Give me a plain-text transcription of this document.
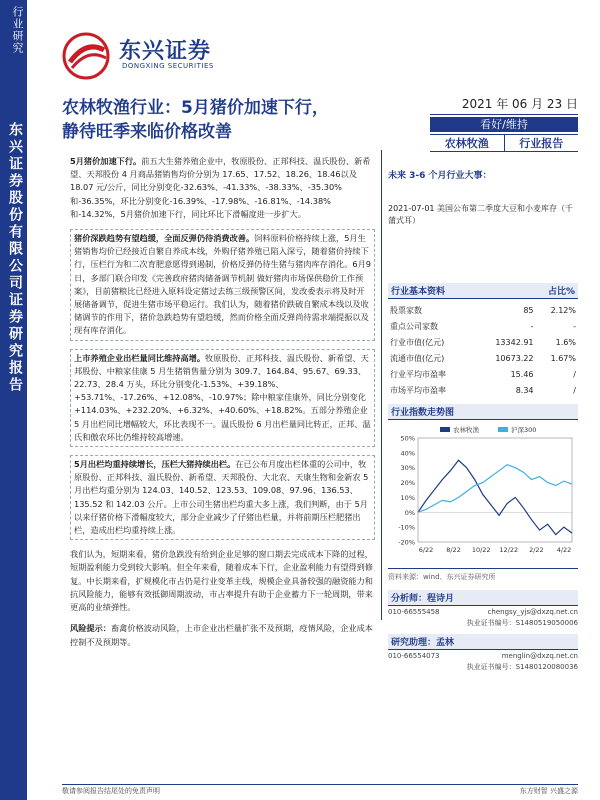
行业研究
东兴证券股份有限公司证券研究报告
东兴证券
DONGXING SECURITIES
农林牧渔行业：5月猪价加速下行，
静待旺季来临价格改善
2021 年 06 月 23 日
看好/维持
农林牧渔	行业报告

5月猪价加速下行。前五大生猪养殖企业中，牧原股份、正邦科技、温氏股份、新希望、天邦股份 4 月商品猪销售均价分别为 17.65、17.52、18.26、18.46以及 18.07 元/公斤，同比分别变化-32.63%、-41.33%、-38.33%、-35.30%和-36.35%，环比分别变化-16.39%、-17.98%、-16.81%、-14.38%和-14.32%，5月猪价加速下行，同比环比下滑幅度进一步扩大。

猪价深跌趋势有望趋缓，全面反弹仍待消费改善。饲料原料价格持续上涨，5月生猪销售均价已经接近自繁自养成本线，外购仔猪养殖已陷入深亏，随着猪价持续下行，压栏行为和二次育肥意愿得到遏制，价格反弹仍待生猪与猪肉库存消化。6月9日，多部门联合印发《完善政府猪肉储备调节机制 做好猪肉市场保供稳价工作预案》，目前猪粮比已经进入原料设定猪过去练三级预警区间，发改委表示将及时开展储备调节，促进生猪市场平稳运行。我们认为，随着猪价跌破自繁成本线以及收储调节的作用下，猪价急跌趋势有望趋缓，然而价格全面反弹尚待需求端提振以及现有库存消化。

上市养殖企业出栏量同比维持高增。牧原股份、正邦科技、温氏股份、新希望、天邦股份、中粮家佳康 5 月生猪销售量分别为 309.7、164.84、95.67、69.33、22.73、28.4 万头，环比分别变化-1.53%、+39.18%、+53.71%、-17.26%、+12.08%、-10.97%；除中粮家佳康外，同比分别变化+114.03%、+232.20%、+6.32%、+40.60%、+18.82%。五部分养殖企业 5 月出栏同比增幅较大，环比表现不一。温氏股份 6 月出栏量同比转正，正邦、温氏和傲农环比仍维持较高增速。

5月出栏均重持续增长，压栏大猪持续出栏。在已公布月度出栏体重的公司中，牧原股份、正邦科技、温氏股份、新希望、天邦股份、大北农、天康生物和金新农 5 月出栏均重分别为 124.03、140.52、123.53、109.08、97.96、136.53、135.52 和 142.03 公斤。上市公司生猪出栏均重大多上涨，我们判断，由于 5月以来仔猪价格下滑幅度较大，部分企业减少了仔猪出栏量，并将前期压栏肥猪出栏，造成出栏均重持续上涨。

我们认为，短期来看，猪价急跌没有给到企业足够的窗口期去完成成本下降的过程，短期盈利能力受到较大影响。但全年来看，随着成本下行，企业盈利能力有望得到修复。中长期来看，扩规模化市占仍是行业变革主线，规模企业具备较强的融资能力和抗风险能力，能够有效抵御周期波动，市占率提升有助于企业蓄力下一轮周期，带来更高的业绩弹性。

风险提示：畜禽价格波动风险，上市企业出栏量扩张不及预期，疫情风险，企业成本控制不及预期等。

未来 3-6 个月行业大事：
2021-07-01 美国公布第二季度大豆和小麦库存（千蒲式耳）
行业基本资料	占比%
股票家数	85	2.12%
重点公司家数	-	-
行业市值(亿元)	13342.91	1.6%
流通市值(亿元)	10673.22	1.67%
行业平均市盈率	15.46	/
市场平均市盈率	8.34	/
行业指数走势图
50%
40%
30%
20%
10%
0%
-10%
-20%
6/22 8/22 10/22 12/22 2/22 4/22
农林牧渔	沪深300
资料来源：wind、东兴证券研究所
分析师：程诗月
010-66555458	chengsy_yjs@dxzq.net.cn
执业证书编号：S1480519050006
研究助理：孟林
010-66554073	menglin@dxzq.net.cn
执业证书编号：S1480120080036
敬请参阅报告结尾处的免责声明	东方财智 兴盛之源
